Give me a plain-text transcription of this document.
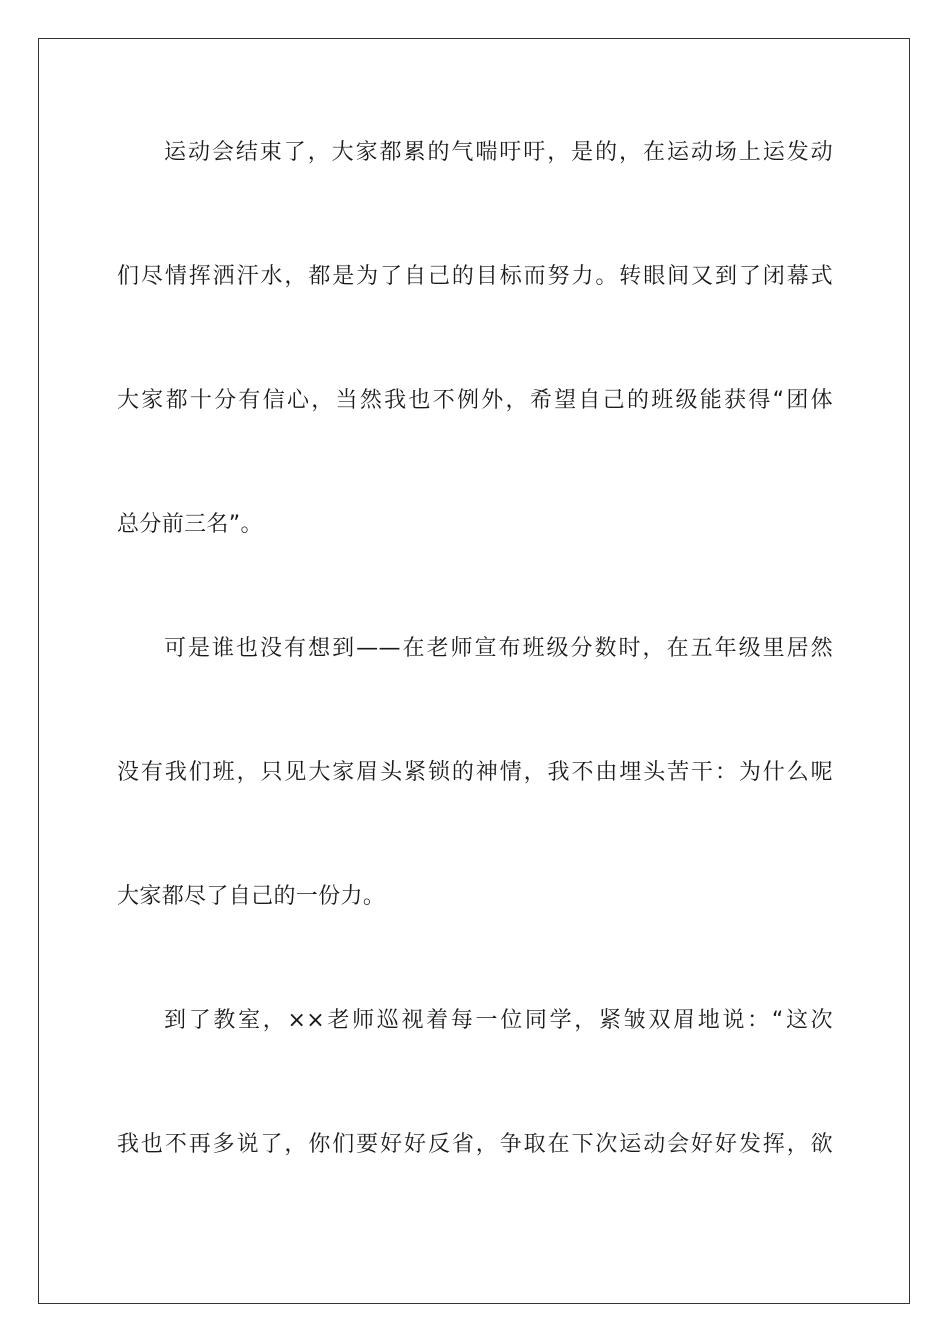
运动会结束了，大家都累的气喘吁吁，是的，在运动场上运发动
们尽情挥洒汗水，都是为了自己的目标而努力。转眼间又到了闭幕式
大家都十分有信心，当然我也不例外，希望自己的班级能获得“团体
总分前三名”。
可是谁也没有想到——在老师宣布班级分数时，在五年级里居然
没有我们班，只见大家眉头紧锁的神情，我不由埋头苦干：为什么呢
大家都尽了自己的一份力。
到了教室，××老师巡视着每一位同学，紧皱双眉地说：“这次
我也不再多说了，你们要好好反省，争取在下次运动会好好发挥，欲
